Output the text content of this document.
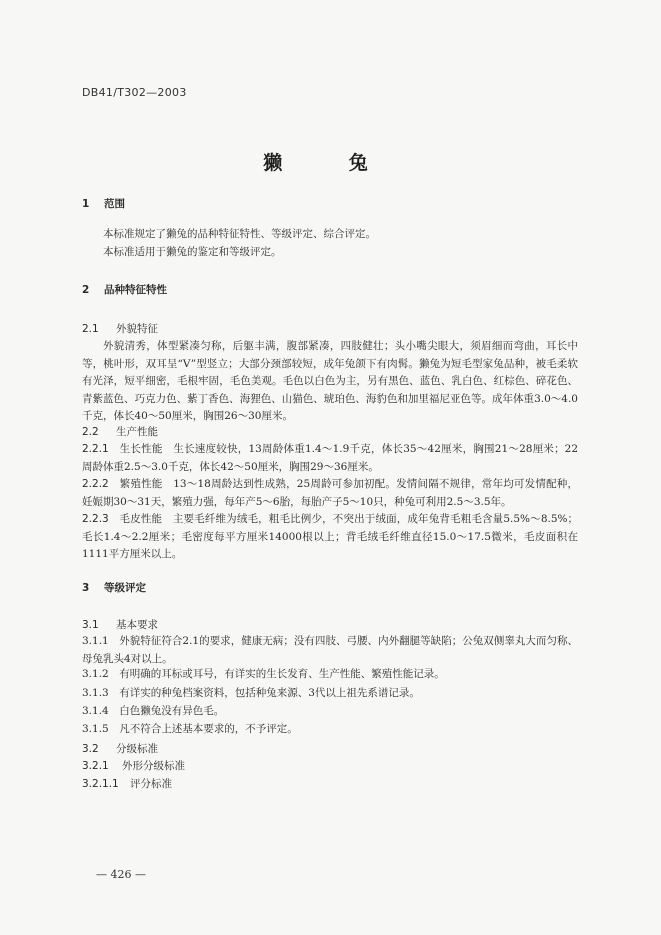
DB41/T302—2003
獭 兔
1 范围
本标准规定了獭兔的品种特征特性、等级评定、综合评定。
本标准适用于獭兔的鉴定和等级评定。
2 品种特征特性
2.1 外貌特征
外貌清秀，体型紧凑匀称，后躯丰满，腹部紧凑，四肢健壮；头小嘴尖眼大，须眉细而弯曲，耳长中等，桃叶形，双耳呈“V”型竖立；大部分颈部较短，成年兔颌下有肉髯。獭兔为短毛型家兔品种，被毛柔软有光泽，短平细密，毛根牢固，毛色美观。毛色以白色为主，另有黑色、蓝色、乳白色、红棕色、碎花色、青紫蓝色、巧克力色、紫丁香色、海狸色、山猫色、琥珀色、海豹色和加里福尼亚色等。成年体重3.0～4.0千克，体长40～50厘米，胸围26～30厘米。
2.2 生产性能
2.2.1　生长性能　 生长速度较快，13周龄体重1.4～1.9千克，体长35～42厘米，胸围21～28厘米；22周龄体重2.5～3.0千克，体长42～50厘米，胸围29～36厘米。
2.2.2　繁殖性能　 13～18周龄达到性成熟，25周龄可参加初配。发情间隔不规律，常年均可发情配种，妊娠期30～31天，繁殖力强，每年产5～6胎，每胎产子5～10只，种兔可利用2.5～3.5年。
2.2.3　毛皮性能　 主要毛纤维为绒毛，粗毛比例少，不突出于绒面，成年兔背毛粗毛含量5.5%～8.5%；毛长1.4～2.2厘米；毛密度每平方厘米14000根以上；背毛绒毛纤维直径15.0～17.5微米，毛皮面积在1111平方厘米以上。
3 等级评定
3.1 基本要求
3.1.1　外貌特征符合2.1的要求，健康无病；没有四肢、弓腰、内外翻腿等缺陷；公兔双侧睾丸大而匀称、母兔乳头4对以上。
3.1.2　有明确的耳标或耳号，有详实的生长发育、生产性能、繁殖性能记录。
3.1.3　有详实的种兔档案资料，包括种兔来源、3代以上祖先系谱记录。
3.1.4　白色獭兔没有异色毛。
3.1.5　凡不符合上述基本要求的，不予评定。
3.2 分级标准
3.2.1 外形分级标准
3.2.1.1 评分标准
— 426 —
